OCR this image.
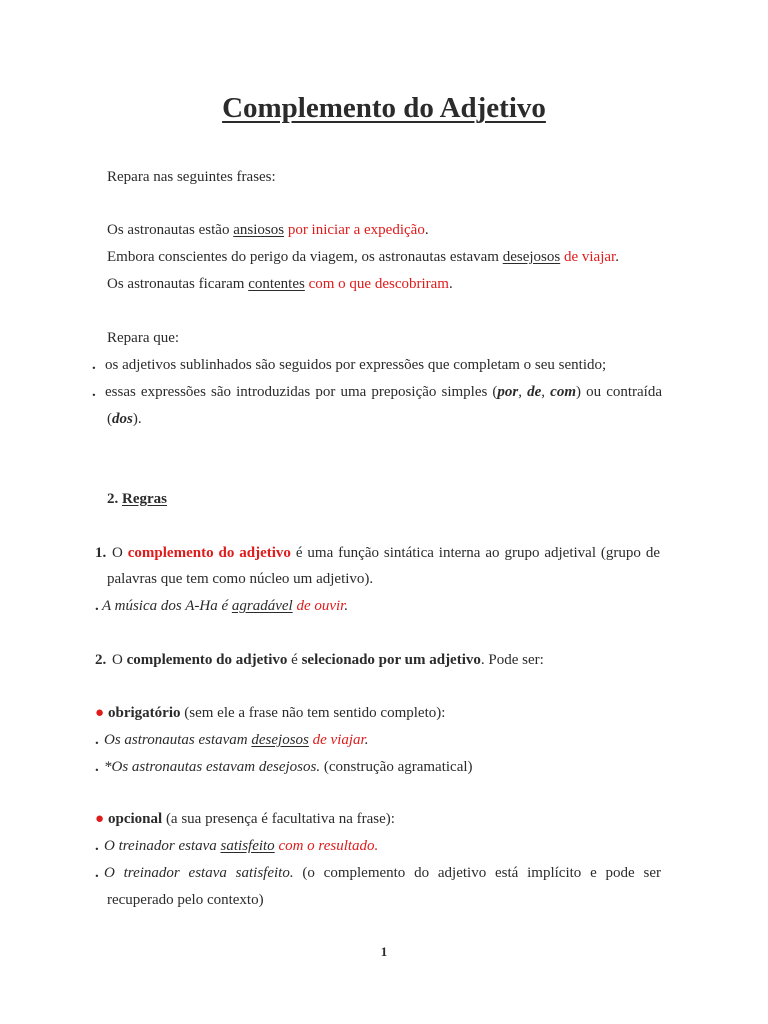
Complemento do Adjetivo
Repara nas seguintes frases:
Os astronautas estão ansiosos por iniciar a expedição.
Embora conscientes do perigo da viagem, os astronautas estavam desejosos de viajar.
Os astronautas ficaram contentes com o que descobriram.
Repara que:
. os adjetivos sublinhados são seguidos por expressões que completam o seu sentido;
. essas expressões são introduzidas por uma preposição simples (por, de, com) ou contraída
(dos).
2. Regras
1. O complemento do adjetivo é uma função sintática interna ao grupo adjetival (grupo de
palavras que tem como núcleo um adjetivo).
. A música dos A-Ha é agradável de ouvir.
2. O complemento do adjetivo é selecionado por um adjetivo. Pode ser:
● obrigatório (sem ele a frase não tem sentido completo):
. Os astronautas estavam desejosos de viajar.
. *Os astronautas estavam desejosos. (construção agramatical)
● opcional (a sua presença é facultativa na frase):
. O treinador estava satisfeito com o resultado.
. O treinador estava satisfeito. (o complemento do adjetivo está implícito e pode ser
recuperado pelo contexto)
1
